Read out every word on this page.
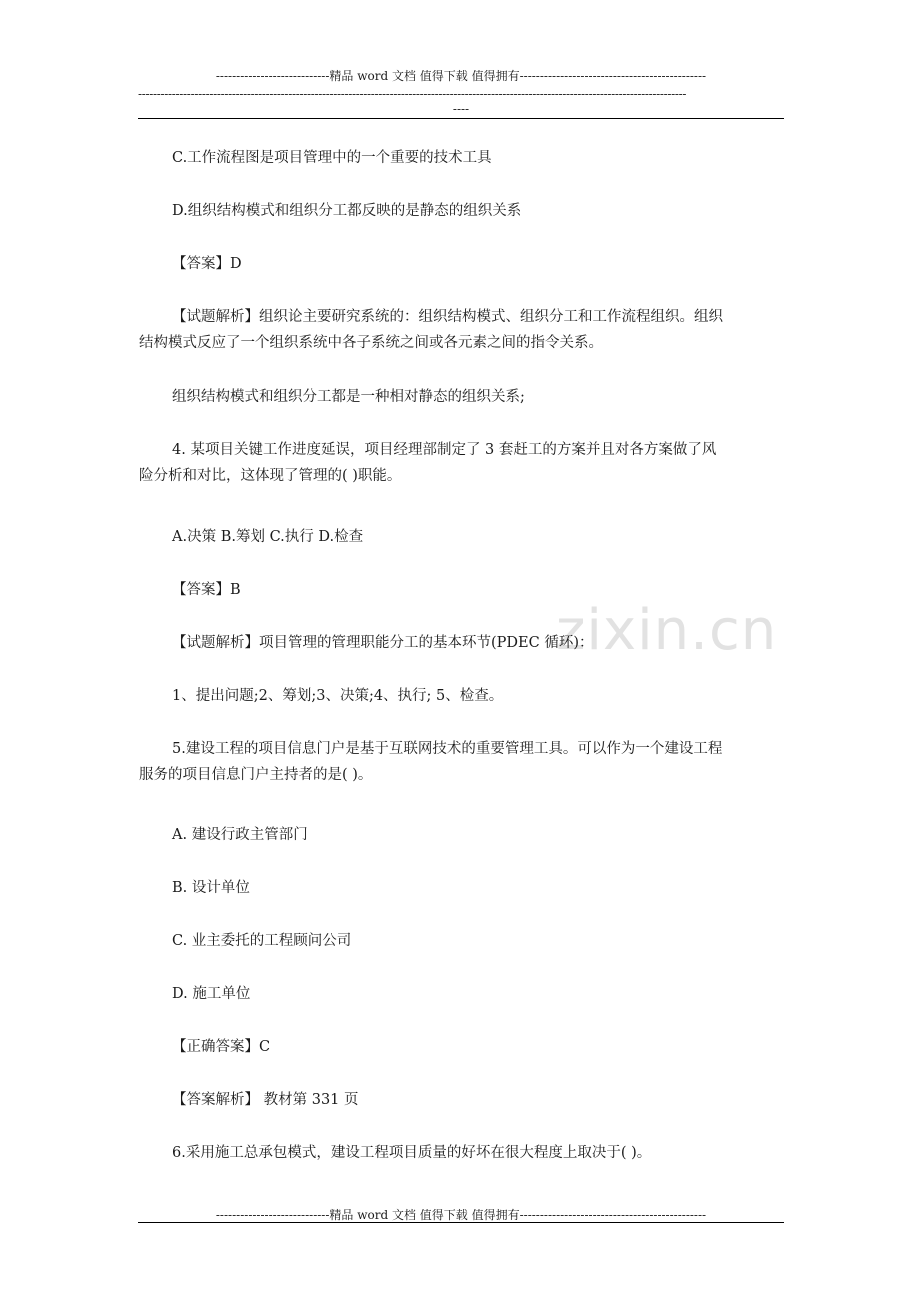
----------------------------精品 word 文档 值得下载 值得拥有----------------------------------------------
--------------------------------------------------------------------------------------------------------------------------------------------------
----
zixin.cn

C.工作流程图是项目管理中的一个重要的技术工具

D.组织结构模式和组织分工都反映的是静态的组织关系

【答案】D

【试题解析】组织论主要研究系统的：组织结构模式、组织分工和工作流程组织。组织

结构模式反应了一个组织系统中各子系统之间或各元素之间的指令关系。

组织结构模式和组织分工都是一种相对静态的组织关系;

4. 某项目关键工作进度延误，项目经理部制定了 3 套赶工的方案并且对各方案做了风

险分析和对比，这体现了管理的( )职能。

A.决策 B.筹划 C.执行 D.检查

【答案】B

【试题解析】项目管理的管理职能分工的基本环节(PDEC 循环)：

1、提出问题;2、筹划;3、决策;4、执行; 5、检查。

5.建设工程的项目信息门户是基于互联网技术的重要管理工具。可以作为一个建设工程

服务的项目信息门户主持者的是( )。

A. 建设行政主管部门

B. 设计单位

C. 业主委托的工程顾问公司

D. 施工单位

【正确答案】C

【答案解析】 教材第 331 页

6.采用施工总承包模式，建设工程项目质量的好坏在很大程度上取决于( )。

----------------------------精品 word 文档 值得下载 值得拥有----------------------------------------------
